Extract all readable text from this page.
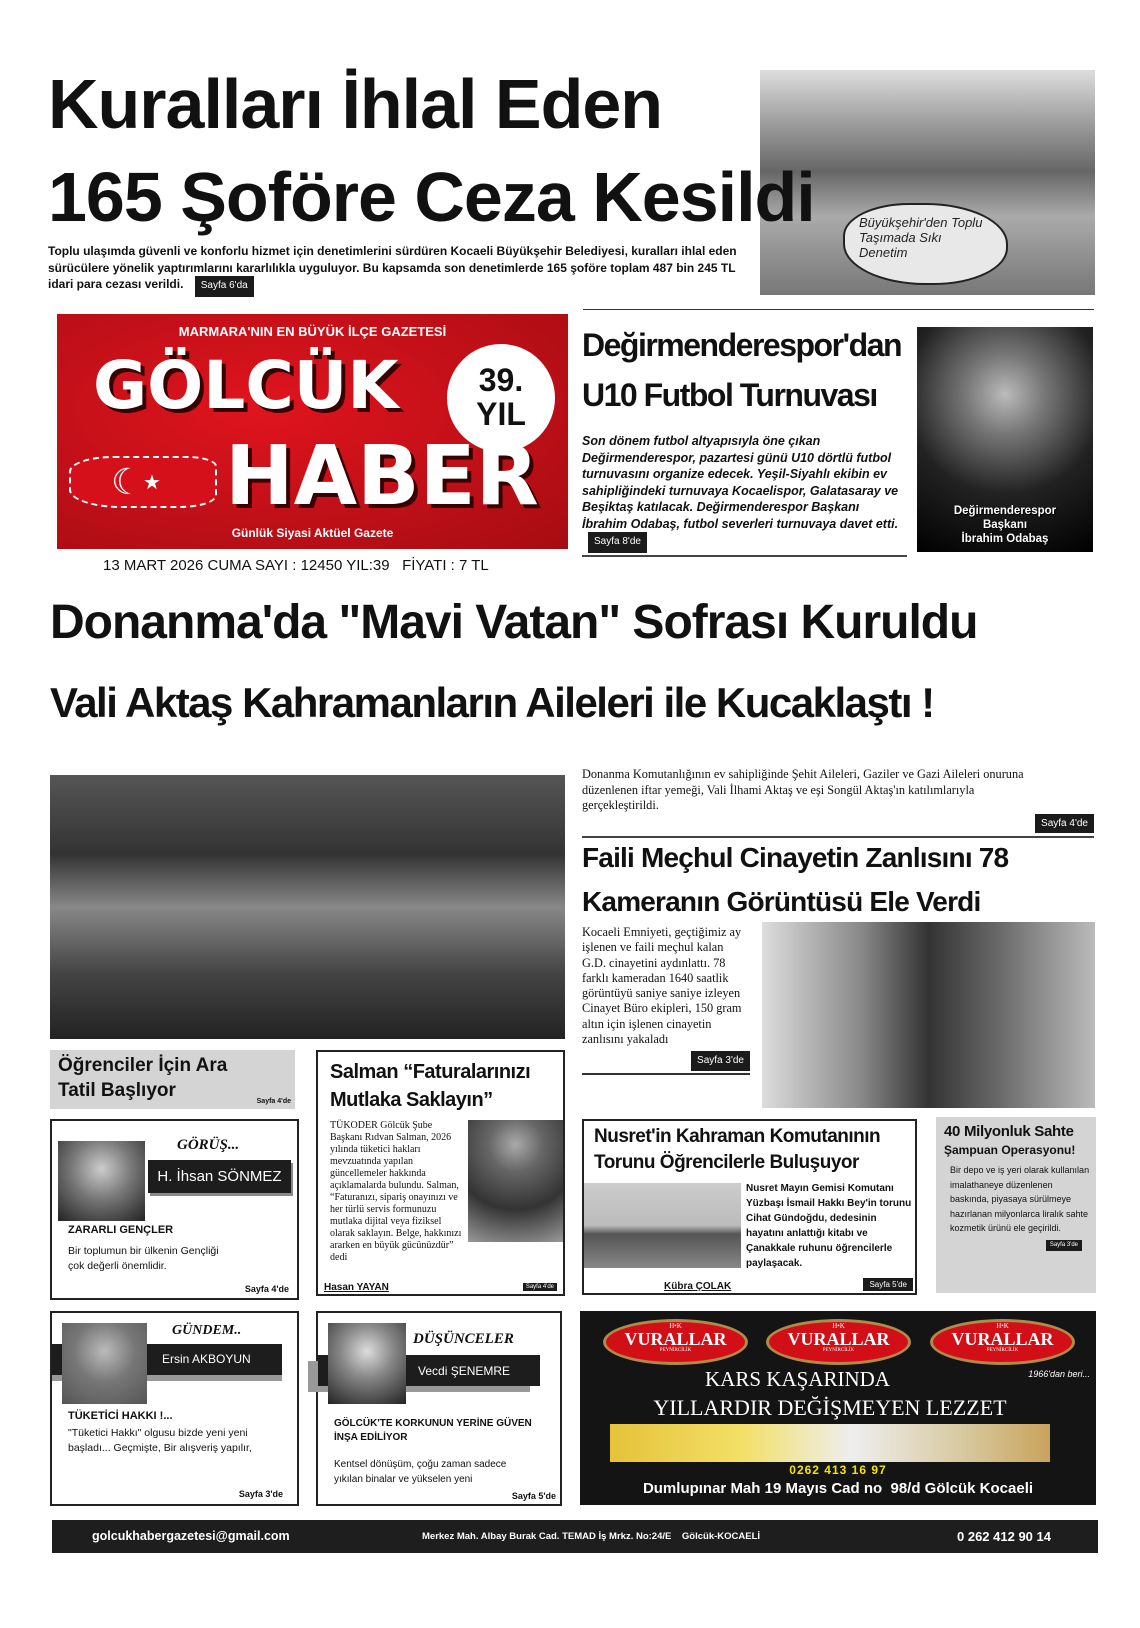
Büyükşehir'den Toplu Taşımada Sıkı Denetim
Kuralları İhlal Eden
165 Şoföre Ceza Kesildi
Toplu ulaşımda güvenli ve konforlu hizmet için denetimlerini sürdüren Kocaeli Büyükşehir Belediyesi, kuralları ihlal eden sürücülere yönelik yaptırımlarını kararlılıkla uyguluyor. Bu kapsamda son denetimlerde 165 şoföre toplam 487 bin 245 TL idari para cezası verildi. Sayfa 6'da
MARMARA'NIN EN BÜYÜK İLÇE GAZETESİ
GÖLCÜK	39.
YIL
☾ ★ HABER
Günlük Siyasi Aktüel Gazete
13 MART 2026 CUMA SAYI : 12450 YIL:39   FİYATI : 7 TL
Değirmenderespor'dan
U10 Futbol Turnuvası
Son dönem futbol altyapısıyla öne çıkan Değirmenderespor, pazartesi günü U10 dörtlü futbol turnuvasını organize edecek. Yeşil-Siyahlı ekibin ev sahipliğindeki turnuvaya Kocaelispor, Galatasaray ve Beşiktaş katılacak. Değirmenderespor Başkanı İbrahim Odabaş, futbol severleri turnuvaya davet etti. Sayfa 8'de
Değirmenderespor
Başkanı
İbrahim Odabaş
Donanma'da "Mavi Vatan" Sofrası Kuruldu
Vali Aktaş Kahramanların Aileleri ile Kucaklaştı !
Donanma Komutanlığının ev sahipliğinde Şehit Aileleri, Gaziler ve Gazi Aileleri onuruna düzenlenen iftar yemeği, Vali İlhami Aktaş ve eşi Songül Aktaş'ın katılımlarıyla gerçekleştirildi.
Sayfa 4'de
Faili Meçhul Cinayetin Zanlısını 78
Kameranın Görüntüsü Ele Verdi
Kocaeli Emniyeti, geçtiğimiz ay işlenen ve faili meçhul kalan G.D. cinayetini aydınlattı. 78 farklı kameradan 1640 saatlik görüntüyü saniye saniye izleyen Cinayet Büro ekipleri, 150 gram altın için işlenen cinayetin zanlısını yakaladı
Sayfa 3'de
Öğrenciler İçin Ara
Tatil Başlıyor
Sayfa 4'de
Salman “Faturalarınızı
Mutlaka Saklayın”
TÜKODER Gölcük Şube Başkanı Rıdvan Salman, 2026 yılında tüketici hakları mevzuatında yapılan güncellemeler hakkında açıklamalarda bulundu. Salman, “Faturanızı, sipariş onayınızı ve her türlü servis formunuzu mutlaka dijital veya fiziksel olarak saklayın. Belge, hakkınızı ararken en büyük gücünüzdür” dedi
Hasan YAYAN	Sayfa 4'de
GÖRÜŞ...
H. İhsan SÖNMEZ
ZARARLI GENÇLER
Bir toplumun bir ülkenin Gençliği çok değerli önemlidir.
Sayfa 4'de
Nusret'in Kahraman Komutanının
Torunu Öğrencilerle Buluşuyor
Nusret Mayın Gemisi Komutanı Yüzbaşı İsmail Hakkı Bey'in torunu Cihat Gündoğdu, dedesinin hayatını anlattığı kitabı ve Çanakkale ruhunu öğrencilerle paylaşacak.
Kübra ÇOLAK	Sayfa 5'de
40 Milyonluk Sahte
Şampuan Operasyonu!
Bir depo ve iş yeri olarak kullanılan imalathaneye düzenlenen baskında, piyasaya sürülmeye hazırlanan milyonlarca liralık sahte kozmetik ürünü ele geçirildi.
Sayfa 3'de
GÜNDEM..
Ersin AKBOYUN
TÜKETİCİ HAKKI !...
"Tüketici Hakkı" olgusu bizde yeni yeni başladı... Geçmişte, Bir alışveriş yapılır,
Sayfa 3'de
DÜŞÜNCELER
Vecdi ŞENEMRE
GÖLCÜK'TE KORKUNUN YERİNE GÜVEN İNŞA EDİLİYOR
Kentsel dönüşüm, çoğu zaman sadece yıkılan binalar ve yükselen yeni
Sayfa 5'de
H•K
VURALLAR
PEYNİRCİLİK
H•K
VURALLAR
PEYNİRCİLİK
H•K
VURALLAR
PEYNİRCİLİK
1966'dan beri...
KARS KAŞARINDA
YILLARDIR DEĞİŞMEYEN LEZZET
0262 413 16 97
Dumlupınar Mah 19 Mayıs Cad no  98/d Gölcük Kocaeli
golcukhabergazetesi@gmail.com	Merkez Mah. Albay Burak Cad. TEMAD İş Mrkz. No:24/E    Gölcük-KOCAELİ	0 262 412 90 14
